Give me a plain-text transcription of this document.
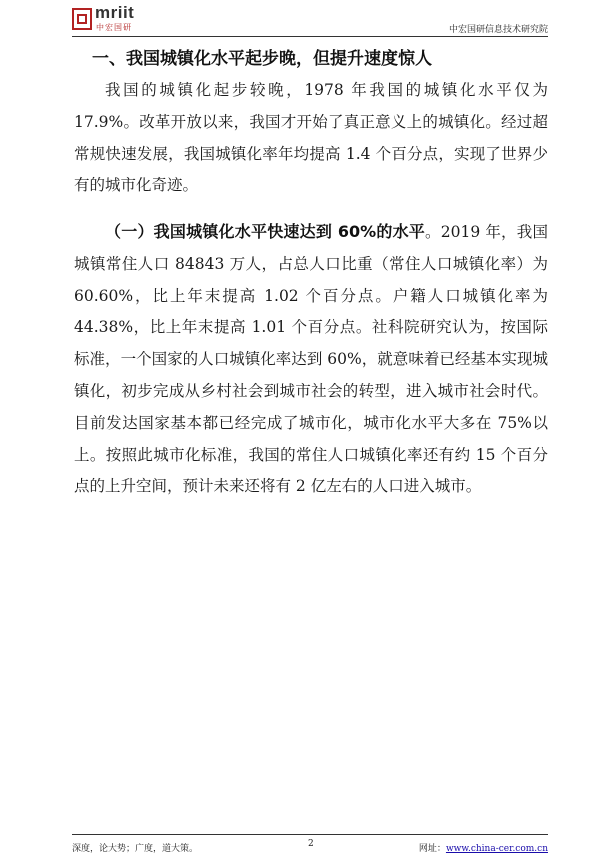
mriit
中宏国研	中宏国研信息技术研究院
一、我国城镇化水平起步晚，但提升速度惊人

我国的城镇化起步较晚，1978 年我国的城镇化水平仅为 17.9%。改革开放以来，我国才开始了真正意义上的城镇化。经过超常规快速发展，我国城镇化率年均提高 1.4 个百分点，实现了世界少有的城市化奇迹。

（一）我国城镇化水平快速达到 60%的水平。2019 年，我国城镇常住人口 84843 万人，占总人口比重（常住人口城镇化率）为 60.60%，比上年末提高 1.02 个百分点。户籍人口城镇化率为 44.38%，比上年末提高 1.01 个百分点。社科院研究认为，按国际标准，一个国家的人口城镇化率达到 60%，就意味着已经基本实现城镇化，初步完成从乡村社会到城市社会的转型，进入城市社会时代。目前发达国家基本都已经完成了城市化，城市化水平大多在 75%以上。按照此城市化标准，我国的常住人口城镇化率还有约 15 个百分点的上升空间，预计未来还将有 2 亿左右的人口进入城市。

深度，论大势；广度，道大策。	2	网址：www.china-cer.com.cn
